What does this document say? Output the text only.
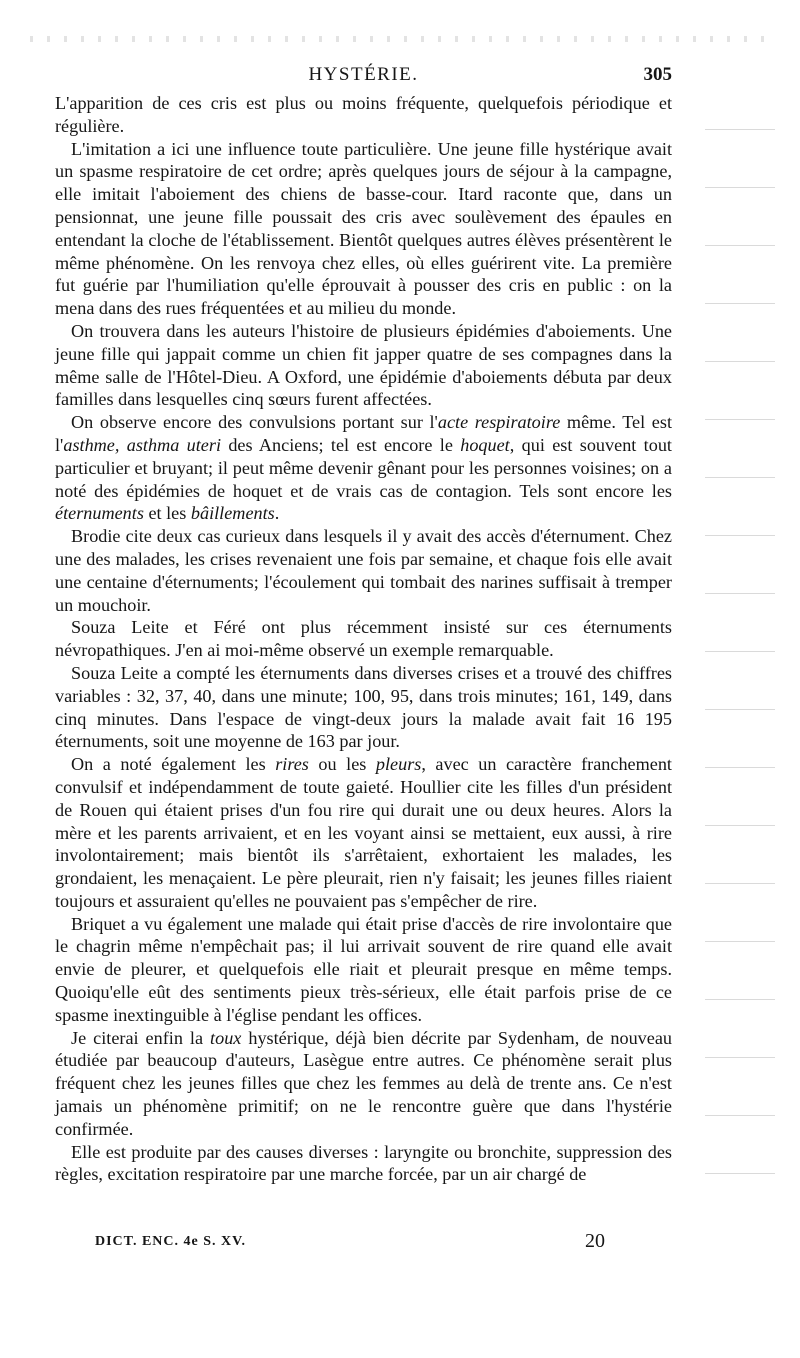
HYSTÉRIE.	305

L'apparition de ces cris est plus ou moins fréquente, quelquefois périodique et régulière.

L'imitation a ici une influence toute particulière. Une jeune fille hystérique avait un spasme respiratoire de cet ordre; après quelques jours de séjour à la campagne, elle imitait l'aboiement des chiens de basse-cour. Itard raconte que, dans un pensionnat, une jeune fille poussait des cris avec soulèvement des épaules en entendant la cloche de l'établissement. Bientôt quelques autres élèves présentèrent le même phénomène. On les renvoya chez elles, où elles guérirent vite. La première fut guérie par l'humiliation qu'elle éprouvait à pousser des cris en public : on la mena dans des rues fréquentées et au milieu du monde.

On trouvera dans les auteurs l'histoire de plusieurs épidémies d'aboiements. Une jeune fille qui jappait comme un chien fit japper quatre de ses compagnes dans la même salle de l'Hôtel-Dieu. A Oxford, une épidémie d'aboiements débuta par deux familles dans lesquelles cinq sœurs furent affectées.

On observe encore des convulsions portant sur l'acte respiratoire même. Tel est l'asthme, asthma uteri des Anciens; tel est encore le hoquet, qui est souvent tout particulier et bruyant; il peut même devenir gênant pour les personnes voisines; on a noté des épidémies de hoquet et de vrais cas de contagion. Tels sont encore les éternuments et les bâillements.

Brodie cite deux cas curieux dans lesquels il y avait des accès d'éternument. Chez une des malades, les crises revenaient une fois par semaine, et chaque fois elle avait une centaine d'éternuments; l'écoulement qui tombait des narines suffisait à tremper un mouchoir.

Souza Leite et Féré ont plus récemment insisté sur ces éternuments névropathiques. J'en ai moi-même observé un exemple remarquable.

Souza Leite a compté les éternuments dans diverses crises et a trouvé des chiffres variables : 32, 37, 40, dans une minute; 100, 95, dans trois minutes; 161, 149, dans cinq minutes. Dans l'espace de vingt-deux jours la malade avait fait 16 195 éternuments, soit une moyenne de 163 par jour.

On a noté également les rires ou les pleurs, avec un caractère franchement convulsif et indépendamment de toute gaieté. Houllier cite les filles d'un président de Rouen qui étaient prises d'un fou rire qui durait une ou deux heures. Alors la mère et les parents arrivaient, et en les voyant ainsi se mettaient, eux aussi, à rire involontairement; mais bientôt ils s'arrêtaient, exhortaient les malades, les grondaient, les menaçaient. Le père pleurait, rien n'y faisait; les jeunes filles riaient toujours et assuraient qu'elles ne pouvaient pas s'empêcher de rire.

Briquet a vu également une malade qui était prise d'accès de rire involontaire que le chagrin même n'empêchait pas; il lui arrivait souvent de rire quand elle avait envie de pleurer, et quelquefois elle riait et pleurait presque en même temps. Quoiqu'elle eût des sentiments pieux très-sérieux, elle était parfois prise de ce spasme inextinguible à l'église pendant les offices.

Je citerai enfin la toux hystérique, déjà bien décrite par Sydenham, de nouveau étudiée par beaucoup d'auteurs, Lasègue entre autres. Ce phénomène serait plus fréquent chez les jeunes filles que chez les femmes au delà de trente ans. Ce n'est jamais un phénomène primitif; on ne le rencontre guère que dans l'hystérie confirmée.

Elle est produite par des causes diverses : laryngite ou bronchite, suppression des règles, excitation respiratoire par une marche forcée, par un air chargé de

DICT. ENC. 4e S. XV.	20
